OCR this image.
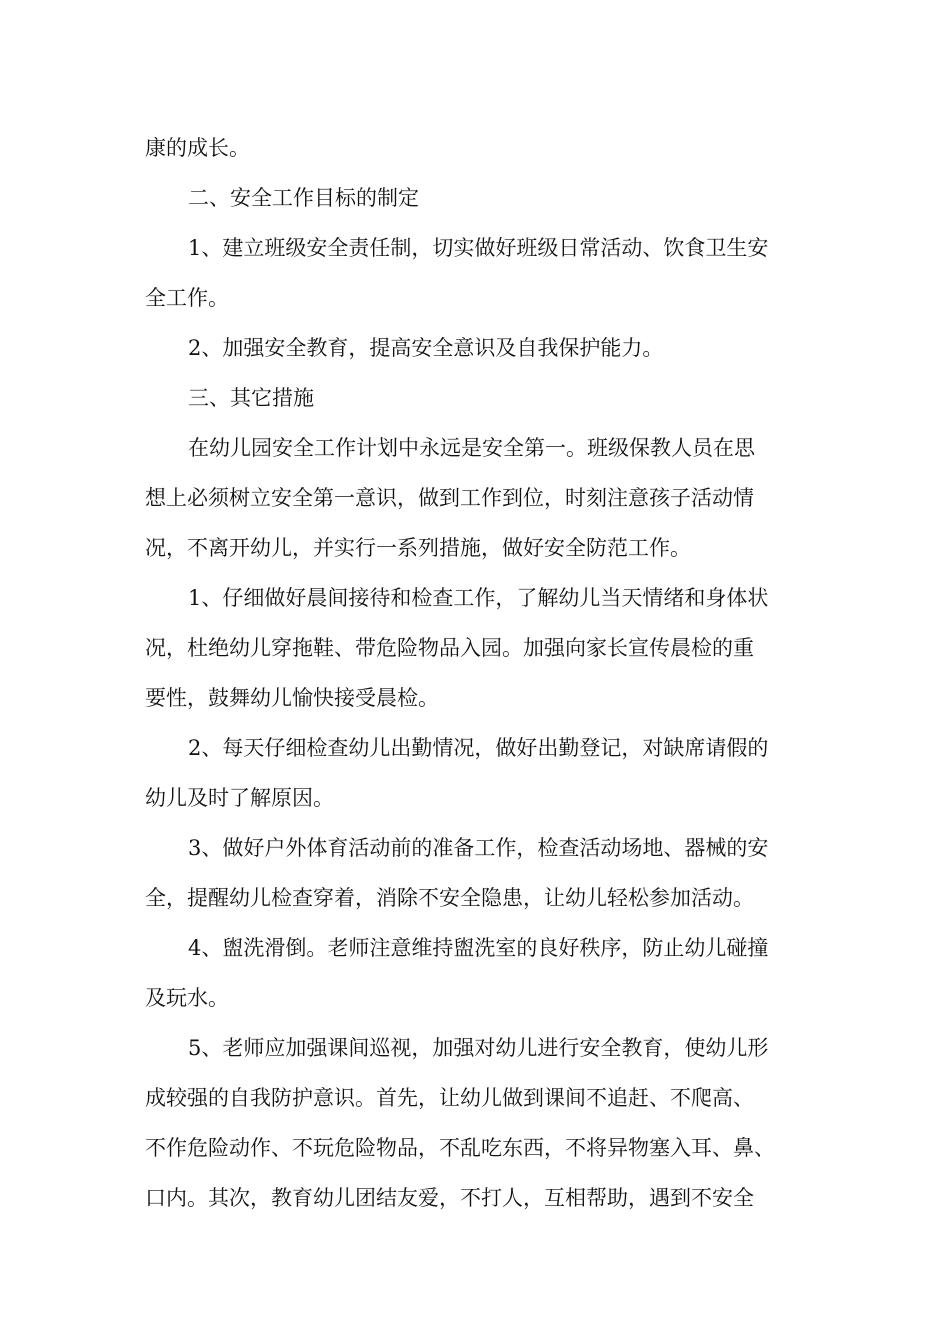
康的成长。
二、安全工作目标的制定
1、建立班级安全责任制，切实做好班级日常活动、饮食卫生安
全工作。
2、加强安全教育，提高安全意识及自我保护能力。
三、其它措施
在幼儿园安全工作计划中永远是安全第一。班级保教人员在思
想上必须树立安全第一意识，做到工作到位，时刻注意孩子活动情
况，不离开幼儿，并实行一系列措施，做好安全防范工作。
1、仔细做好晨间接待和检查工作，了解幼儿当天情绪和身体状
况，杜绝幼儿穿拖鞋、带危险物品入园。加强向家长宣传晨检的重
要性，鼓舞幼儿愉快接受晨检。
2、每天仔细检查幼儿出勤情况，做好出勤登记，对缺席请假的
幼儿及时了解原因。
3、做好户外体育活动前的准备工作，检查活动场地、器械的安
全，提醒幼儿检查穿着，消除不安全隐患，让幼儿轻松参加活动。
4、盥洗滑倒。老师注意维持盥洗室的良好秩序，防止幼儿碰撞
及玩水。
5、老师应加强课间巡视，加强对幼儿进行安全教育，使幼儿形
成较强的自我防护意识。首先，让幼儿做到课间不追赶、不爬高、
不作危险动作、不玩危险物品，不乱吃东西，不将异物塞入耳、鼻、
口内。其次，教育幼儿团结友爱，不打人，互相帮助，遇到不安全
